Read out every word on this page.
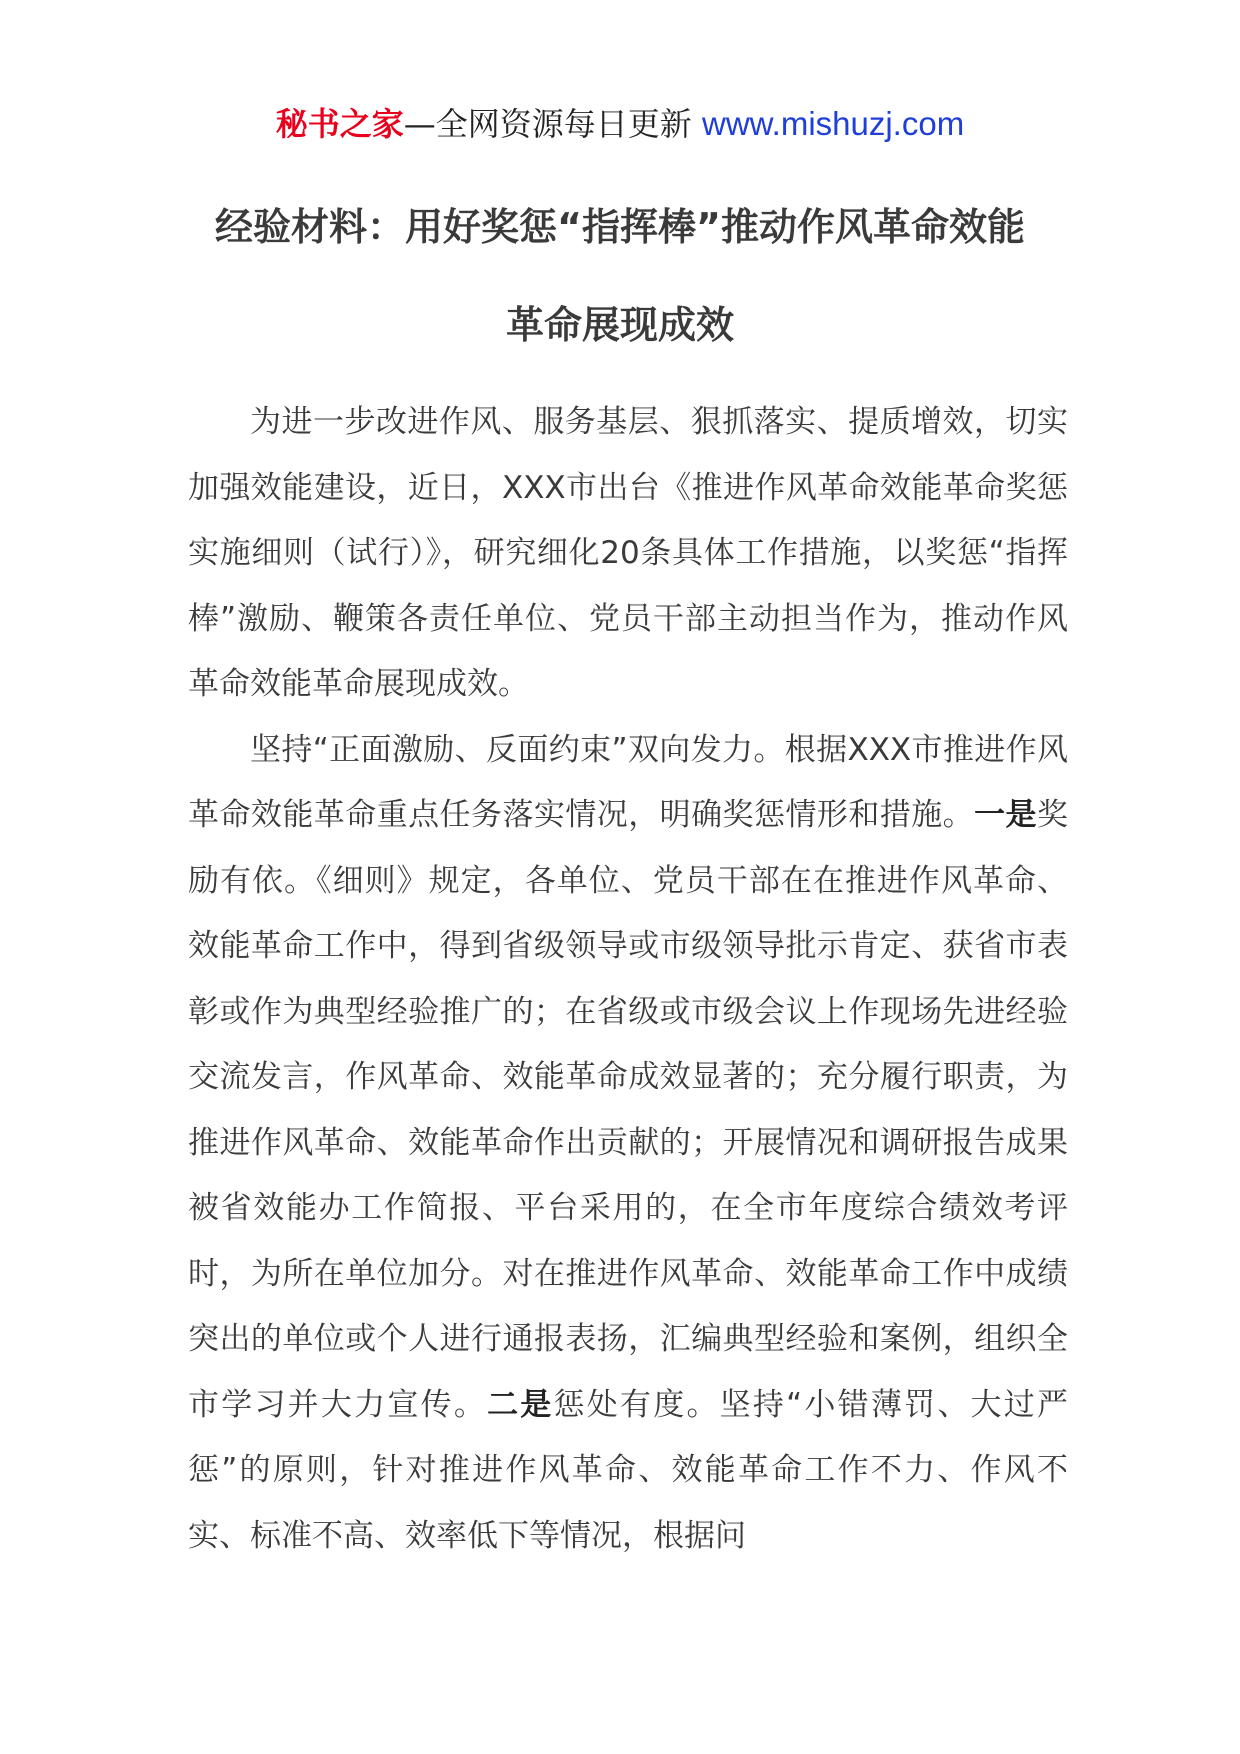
秘书之家—全网资源每日更新 www.mishuzj.com
经验材料：用好奖惩“指挥棒”推动作风革命效能
革命展现成效

为进一步改进作风、服务基层、狠抓落实、提质增效，切实加强效能建设，近日，XXX市出台《推进作风革命效能革命奖惩实施细则（试行）》，研究细化20条具体工作措施，以奖惩“指挥棒”激励、鞭策各责任单位、党员干部主动担当作为，推动作风革命效能革命展现成效。

坚持“正面激励、反面约束”双向发力。根据XXX市推进作风革命效能革命重点任务落实情况，明确奖惩情形和措施。一是奖励有依。《细则》规定，各单位、党员干部在在推进作风革命、效能革命工作中，得到省级领导或市级领导批示肯定、获省市表彰或作为典型经验推广的；在省级或市级会议上作现场先进经验交流发言，作风革命、效能革命成效显著的；充分履行职责，为推进作风革命、效能革命作出贡献的；开展情况和调研报告成果被省效能办工作简报、平台采用的，在全市年度综合绩效考评时，为所在单位加分。对在推进作风革命、效能革命工作中成绩突出的单位或个人进行通报表扬，汇编典型经验和案例，组织全市学习并大力宣传。二是惩处有度。坚持“小错薄罚、大过严惩”的原则，针对推进作风革命、效能革命工作不力、作风不实、标准不高、效率低下等情况，根据问
